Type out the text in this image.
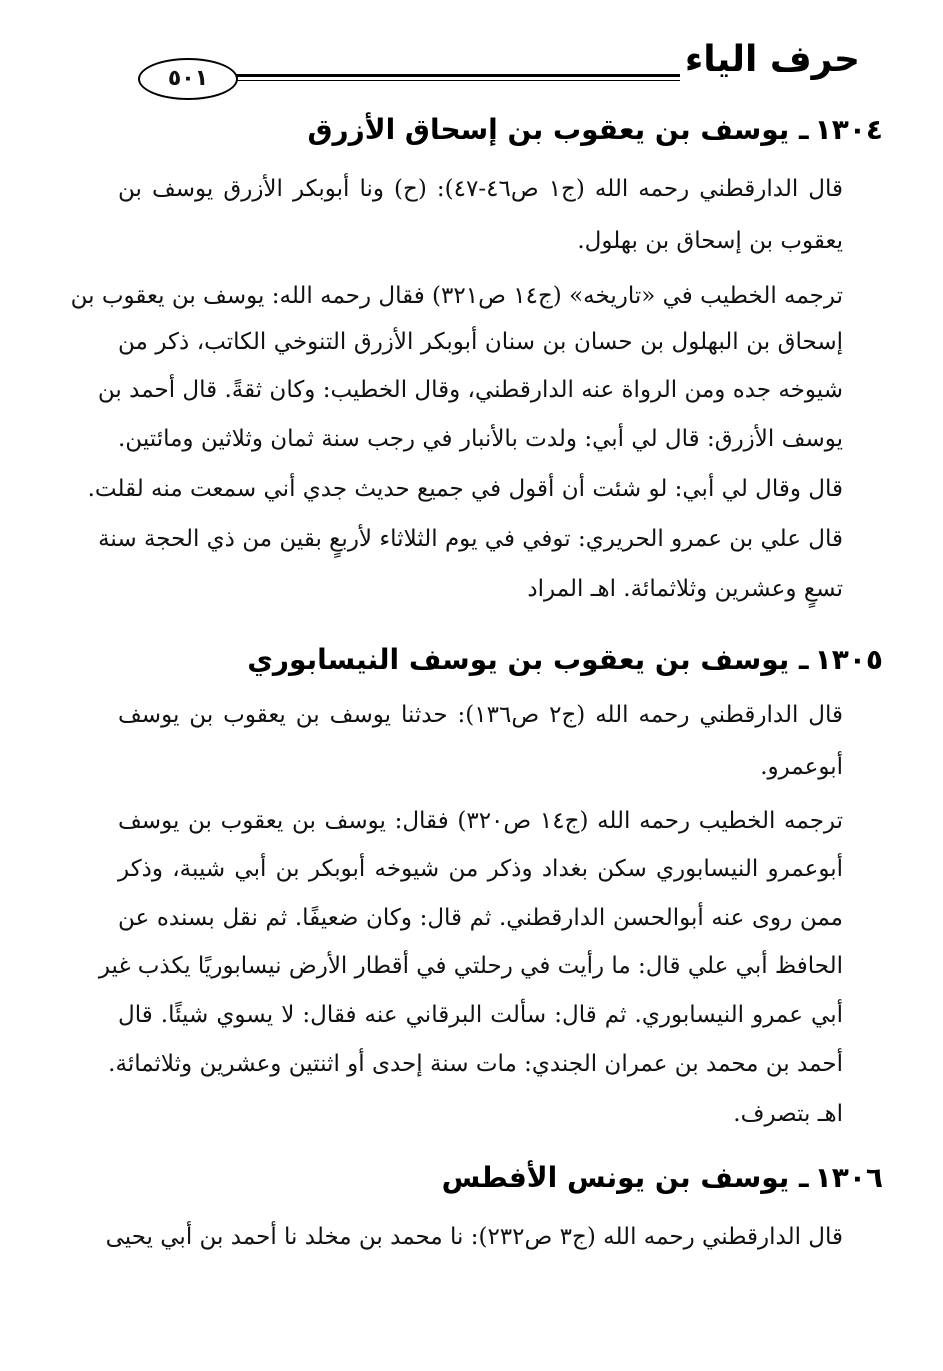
حرف الياء
٥٠١
١٣٠٤ـ يوسف بن يعقوب بن إسحاق الأزرق
قال الدارقطني رحمه الله (ج١ ص٤٦-٤٧): (ح) ونا أبوبكر الأزرق يوسف بن
يعقوب بن إسحاق بن بهلول.
ترجمه الخطيب في «تاريخه» (ج١٤ ص٣٢١) فقال رحمه الله: يوسف بن يعقوب بن
إسحاق بن البهلول بن حسان بن سنان أبوبكر الأزرق التنوخي الكاتب، ذكر من
شيوخه جده ومن الرواة عنه الدارقطني، وقال الخطيب: وكان ثقةً. قال أحمد بن
يوسف الأزرق: قال لي أبي: ولدت بالأنبار في رجب سنة ثمان وثلاثين ومائتين.
قال وقال لي أبي: لو شئت أن أقول في جميع حديث جدي أني سمعت منه لقلت.
قال علي بن عمرو الحريري: توفي في يوم الثلاثاء لأربعٍ بقين من ذي الحجة سنة
تسعٍ وعشرين وثلاثمائة. اهـ المراد
١٣٠٥ـ يوسف بن يعقوب بن يوسف النيسابوري
قال الدارقطني رحمه الله (ج٢ ص١٣٦): حدثنا يوسف بن يعقوب بن يوسف
أبوعمرو.
ترجمه الخطيب رحمه الله (ج١٤ ص٣٢٠) فقال: يوسف بن يعقوب بن يوسف
أبوعمرو النيسابوري سكن بغداد وذكر من شيوخه أبوبكر بن أبي شيبة، وذكر
ممن روى عنه أبوالحسن الدارقطني. ثم قال: وكان ضعيفًا. ثم نقل بسنده عن
الحافظ أبي علي قال: ما رأيت في رحلتي في أقطار الأرض نيسابوريًا يكذب غير
أبي عمرو النيسابوري. ثم قال: سألت البرقاني عنه فقال: لا يسوي شيئًا. قال
أحمد بن محمد بن عمران الجندي: مات سنة إحدى أو اثنتين وعشرين وثلاثمائة.
اهـ بتصرف.
١٣٠٦ـ يوسف بن يونس الأفطس
قال الدارقطني رحمه الله (ج٣ ص٢٣٢): نا محمد بن مخلد نا أحمد بن أبي يحيى
